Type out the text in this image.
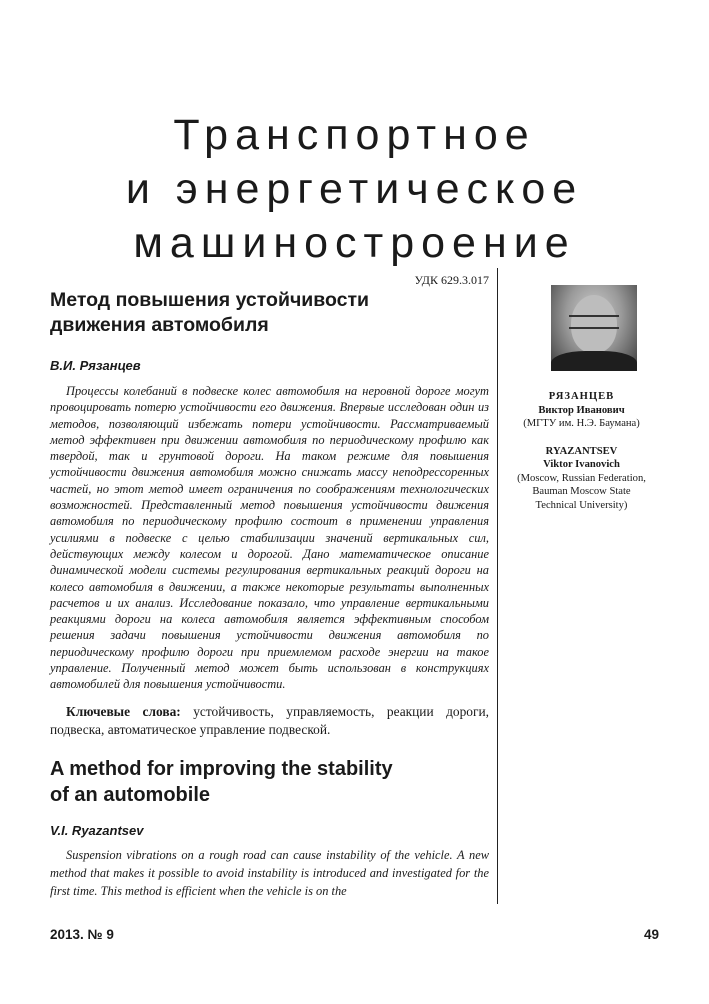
Транспортное
и энергетическое
машиностроение

УДК 629.3.017

Метод повышения устойчивости
движения автомобиля

В.И. Рязанцев

Процессы колебаний в подвеске колес автомобиля на неровной дороге могут провоцировать потерю устойчивости его движения. Впервые исследован один из методов, позволяющий избежать потери устойчивости. Рассматриваемый метод эффективен при движении автомобиля по периодическому профилю как твердой, так и грунтовой дороги. На таком режиме для повышения устойчивости движения автомобиля можно снижать массу неподрессоренных частей, но этот метод имеет ограничения по соображениям технологических возможностей. Представленный метод повышения устойчивости движения автомобиля по периодическому профилю состоит в применении управления усилиями в подвеске с целью стабилизации значений вертикальных сил, действующих между колесом и дорогой. Дано математическое описание динамической модели системы регулирования вертикальных реакций дороги на колесо автомобиля в движении, а также некоторые результаты выполненных расчетов и их анализ. Исследование показало, что управление вертикальными реакциями дороги на колеса автомобиля является эффективным способом решения задачи повышения устойчивости движения автомобиля по периодическому профилю дороги при приемлемом расходе энергии на такое управление. Полученный метод может быть использован в конструкциях автомобилей для повышения устойчивости.

Ключевые слова: устойчивость, управляемость, реакции дороги, подвеска, автоматическое управление подвеской.

A method for improving the stability
of an automobile

V.I. Ryazantsev

Suspension vibrations on a rough road can cause instability of the vehicle. A new method that makes it possible to avoid instability is introduced and investigated for the first time. This method is efficient when the vehicle is on the

РЯЗАНЦЕВ

Виктор Иванович

(МГТУ им. Н.Э. Баумана)

RYAZANTSEV

Viktor Ivanovich

(Moscow, Russian Federation,

Bauman Moscow State

Technical University)

2013. № 9	49
